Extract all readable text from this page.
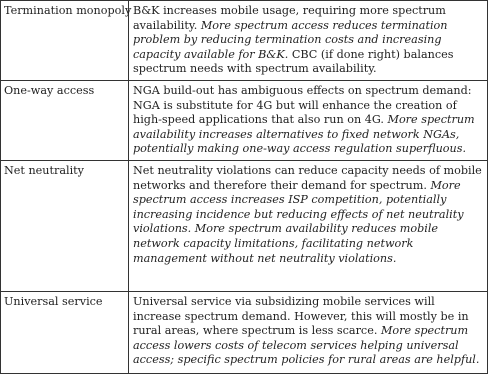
Termination monopoly	B&K increases mobile usage, requiring more spectrum availability. More spectrum access reduces termination problem by reducing termination costs and increasing capacity available for B&K. CBC (if done right) balances spectrum needs with spectrum availability.
One-way access	NGA build-out has ambiguous effects on spectrum demand: NGA is substitute for 4G but will enhance the creation of high-speed applications that also run on 4G. More spectrum availability increases alternatives to fixed network NGAs, potentially making one-way access regulation superfluous.
Net neutrality	Net neutrality violations can reduce capacity needs of mobile networks and therefore their demand for spectrum. More spectrum access increases ISP competition, potentially increasing incidence but reducing effects of net neutrality violations. More spectrum availability reduces mobile network capacity limitations, facilitating network management without net neutrality violations.
Universal service	Universal service via subsidizing mobile services will increase spectrum demand. However, this will mostly be in rural areas, where spectrum is less scarce. More spectrum access lowers costs of telecom services helping universal access; specific spectrum policies for rural areas are helpful.
